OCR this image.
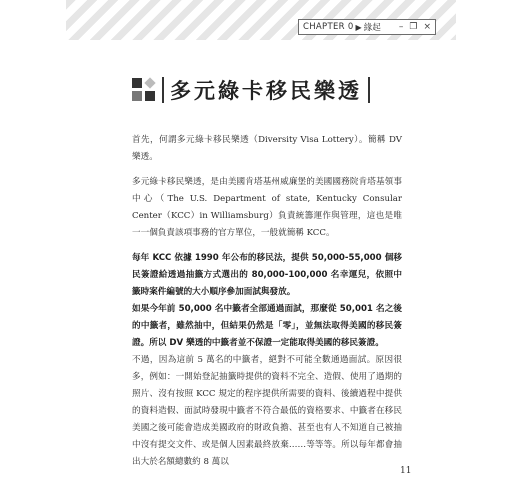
CHAPTER 0 ▶ 緣起 – ❐ ×
多元綠卡移民樂透

首先，何謂多元綠卡移民樂透（Diversity Visa Lottery）。簡稱 DV 樂透。

多元綠卡移民樂透，是由美國肯塔基州威廉堡的美國國務院肯塔基領事中心（The U.S. Department of state, Kentucky Consular Center（KCC）in Williamsburg）負責統籌運作與管理，這也是唯一一個負責該項事務的官方單位，一般就簡稱 KCC。

每年 KCC 依據 1990 年公布的移民法，提供 50,000-55,000 個移民簽證給透過抽籤方式選出的 80,000-100,000 名幸運兒，依照中籤時案件編號的大小順序參加面試與發放。

如果今年前 50,000 名中籤者全部通過面試，那麼從 50,001 名之後的中籤者，雖然抽中，但結果仍然是「零」，並無法取得美國的移民簽證。所以 DV 樂透的中籤者並不保證一定能取得美國的移民簽證。

不過，因為這前 5 萬名的中籤者，絕對不可能全數通過面試。原因很多，例如：一開始登記抽籤時提供的資料不完全、造假、使用了過期的照片、沒有按照 KCC 規定的程序提供所需要的資料、後續過程中提供的資料造假、面試時發現中籤者不符合最低的資格要求、中籤者在移民美國之後可能會造成美國政府的財政負擔、甚至也有人不知道自己被抽中沒有提交文件、或是個人因素最終放棄……等等等。所以每年都會抽出大於名額總數約 8 萬以

11
